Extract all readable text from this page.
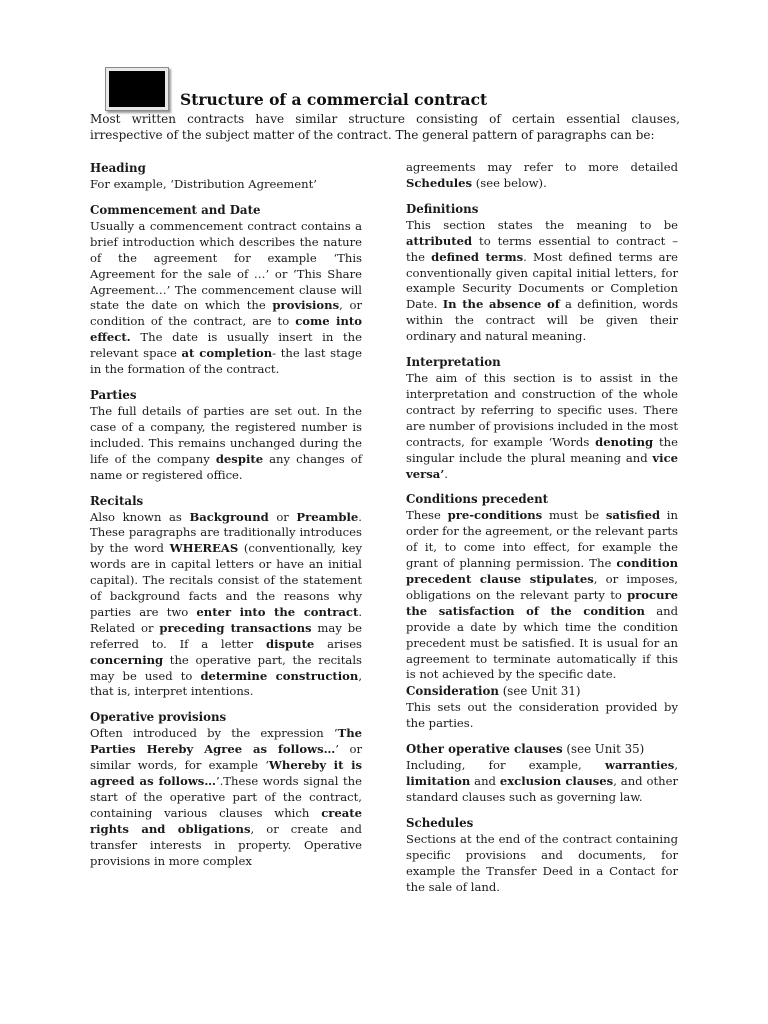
Structure of a commercial contract
Most written contracts have similar structure consisting of certain essential clauses, irrespective of the subject matter of the contract. The general pattern of paragraphs can be:
Heading
For example, ‘Distribution Agreement’
Commencement and Date
Usually a commencement contract contains a brief introduction which describes the nature of the agreement for example ‘This Agreement for the sale of …’ or ‘This Share Agreement…’ The commencement clause will state the date on which the provisions, or condition of the contract, are to come into effect. The date is usually insert in the relevant space at completion- the last stage in the formation of the contract.
Parties
The full details of parties are set out. In the case of a company, the registered number is included. This remains unchanged during the life of the company despite any changes of name or registered office.
Recitals
Also known as Background or Preamble. These paragraphs are traditionally introduces by the word WHEREAS (conventionally, key words are in capital letters or have an initial capital). The recitals consist of the statement of background facts and the reasons why parties are two enter into the contract. Related or preceding transactions may be referred to. If a letter dispute arises concerning the operative part, the recitals may be used to determine construction, that is, interpret intentions.
Operative provisions
Often introduced by the expression ‘The Parties Hereby Agree as follows…’ or similar words, for example ‘Whereby it is agreed as follows…’.These words signal the start of the operative part of the contract, containing various clauses which create rights and obligations, or create and transfer interests in property. Operative provisions in more complex
agreements may refer to more detailed Schedules (see below).
Definitions
This section states the meaning to be attributed to terms essential to contract – the defined terms. Most defined terms are conventionally given capital initial letters, for example Security Documents or Completion Date. In the absence of a definition, words within the contract will be given their ordinary and natural meaning.
Interpretation
The aim of this section is to assist in the interpretation and construction of the whole contract by referring to specific uses. There are number of provisions included in the most contracts, for example ‘Words denoting the singular include the plural meaning and vice versa’.
Conditions precedent
These pre-conditions must be satisfied in order for the agreement, or the relevant parts of it, to come into effect, for example the grant of planning permission. The condition precedent clause stipulates, or imposes, obligations on the relevant party to procure the satisfaction of the condition and provide a date by which time the condition precedent must be satisfied. It is usual for an agreement to terminate automatically if this is not achieved by the specific date.
Consideration (see Unit 31)
This sets out the consideration provided by the parties.
Other operative clauses (see Unit 35)
Including, for example, warranties, limitation and exclusion clauses, and other standard clauses such as governing law.
Schedules
Sections at the end of the contract containing specific provisions and documents, for example the Transfer Deed in a Contact for the sale of land.
